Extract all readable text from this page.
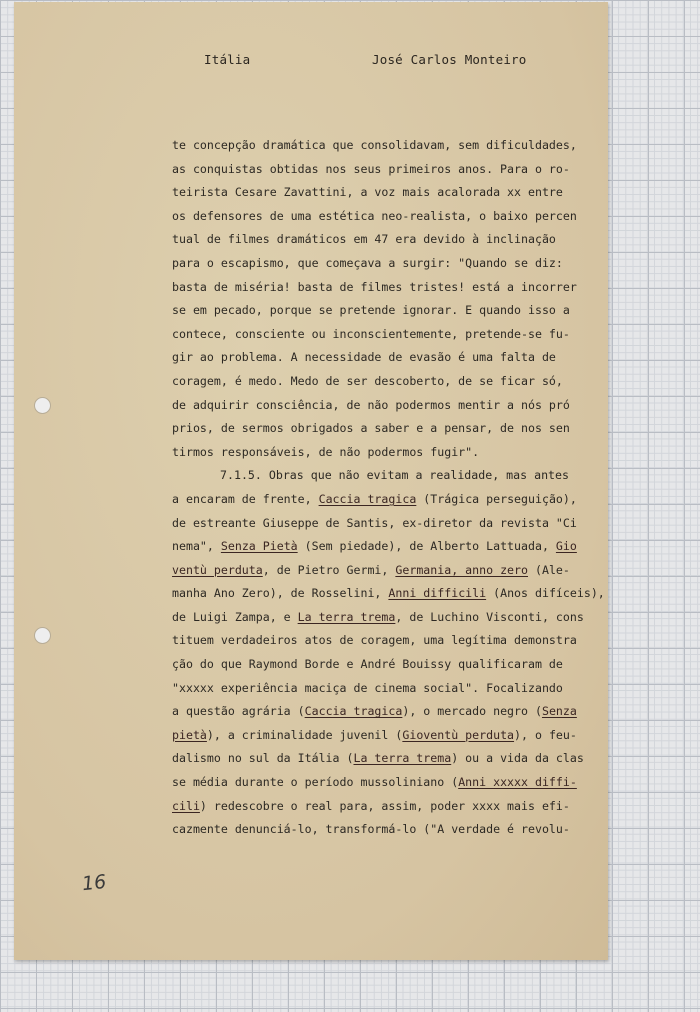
Itália	José Carlos Monteiro
te concepção dramática que consolidavam, sem dificuldades,
as conquistas obtidas nos seus primeiros anos. Para o ro-
teirista Cesare Zavattini, a voz mais acalorada xx entre
os defensores de uma estética neo-realista, o baixo percen
tual de filmes dramáticos em 47 era devido à inclinação
para o escapismo, que começava a surgir: "Quando se diz:
basta de miséria! basta de filmes tristes! está a incorrer
se em pecado, porque se pretende ignorar. E quando isso a
contece, consciente ou inconscientemente, pretende-se fu-
gir ao problema. A necessidade de evasão é uma falta de
coragem, é medo. Medo de ser descoberto, de se ficar só,
de adquirir consciência, de não podermos mentir a nós pró
prios, de sermos obrigados a saber e a pensar, de nos sen
tirmos responsáveis, de não podermos fugir".
7.1.5. Obras que não evitam a realidade, mas antes
a encaram de frente, Caccia tragica (Trágica perseguição),
de estreante Giuseppe de Santis, ex-diretor da revista "Ci
nema", Senza Pietà (Sem piedade), de Alberto Lattuada, Gio
ventù perduta, de Pietro Germi, Germania, anno zero (Ale-
manha Ano Zero), de Rosselini, Anni difficili (Anos difíceis),
de Luigi Zampa, e La terra trema, de Luchino Visconti, cons
tituem verdadeiros atos de coragem, uma legítima demonstra
ção do que Raymond Borde e André Bouissy qualificaram de
"xxxxx experiência maciça de cinema social". Focalizando
a questão agrária (Caccia tragica), o mercado negro (Senza
pietà), a criminalidade juvenil (Gioventù perduta), o feu-
dalismo no sul da Itália (La terra trema) ou a vida da clas
se média durante o período mussoliniano (Anni xxxxx diffi-
cili) redescobre o real para, assim, poder xxxx mais efi-
cazmente denunciá-lo, transformá-lo ("A verdade é revolu-
16
